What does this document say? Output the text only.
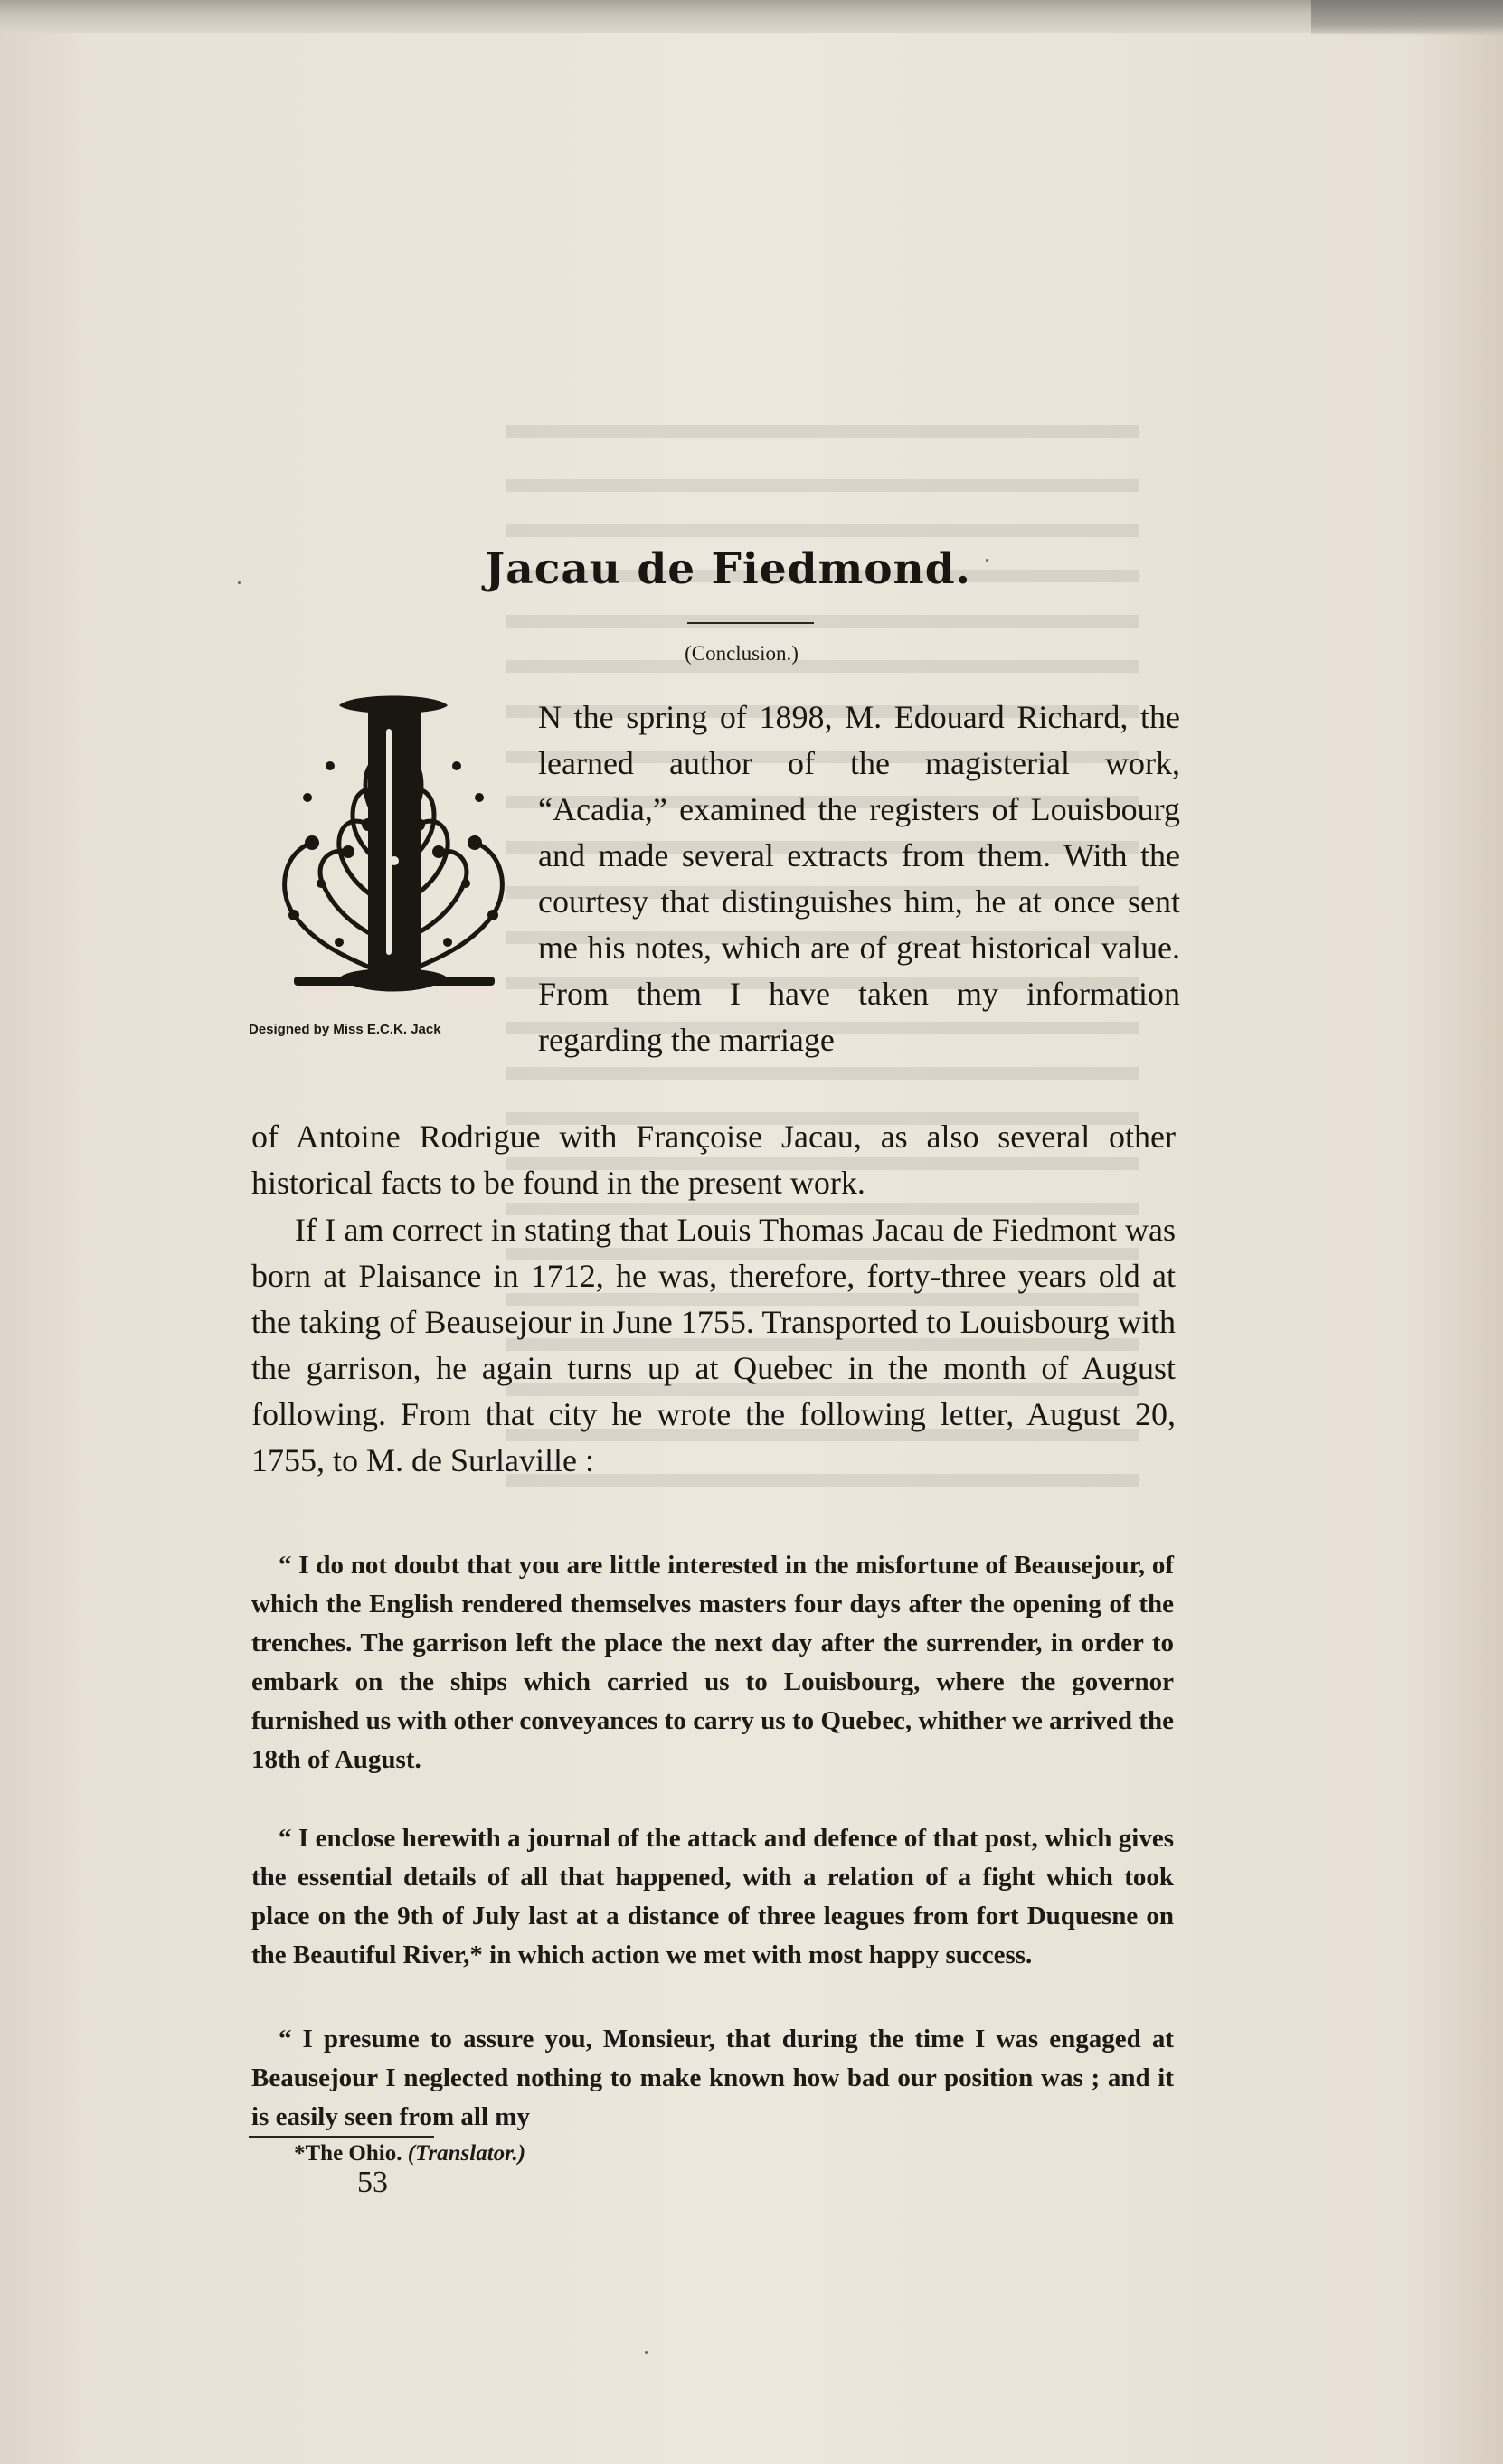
Jacau de Fiedmond.
(Conclusion.)
Designed by Miss E.C.K. Jack
N the spring of 1898, M. Edouard Richard, the learned author of the magisterial work, “Acadia,” examined the registers of Louisbourg and made several extracts from them. With the courtesy that distinguishes him, he at once sent me his notes, which are of great historical value. From them I have taken my information regarding the marriage
of Antoine Rodrigue with Françoise Jacau, as also several other historical facts to be found in the present work.
If I am correct in stating that Louis Thomas Jacau de Fiedmont was born at Plaisance in 1712, he was, therefore, forty-three years old at the taking of Beausejour in June 1755. Transported to Louisbourg with the garrison, he again turns up at Quebec in the month of August following. From that city he wrote the following letter, August 20, 1755, to M. de Surlaville :
“ I do not doubt that you are little interested in the misfortune of Beausejour, of which the English rendered themselves masters four days after the opening of the trenches. The garrison left the place the next day after the surrender, in order to embark on the ships which carried us to Louisbourg, where the governor furnished us with other conveyances to carry us to Quebec, whither we arrived the 18th of August.
“ I enclose herewith a journal of the attack and defence of that post, which gives the essential details of all that happened, with a relation of a fight which took place on the 9th of July last at a distance of three leagues from fort Duquesne on the Beautiful River,* in which action we met with most happy success.
“ I presume to assure you, Monsieur, that during the time I was engaged at Beausejour I neglected nothing to make known how bad our position was ; and it is easily seen from all my
*The Ohio. (Translator.)
53
